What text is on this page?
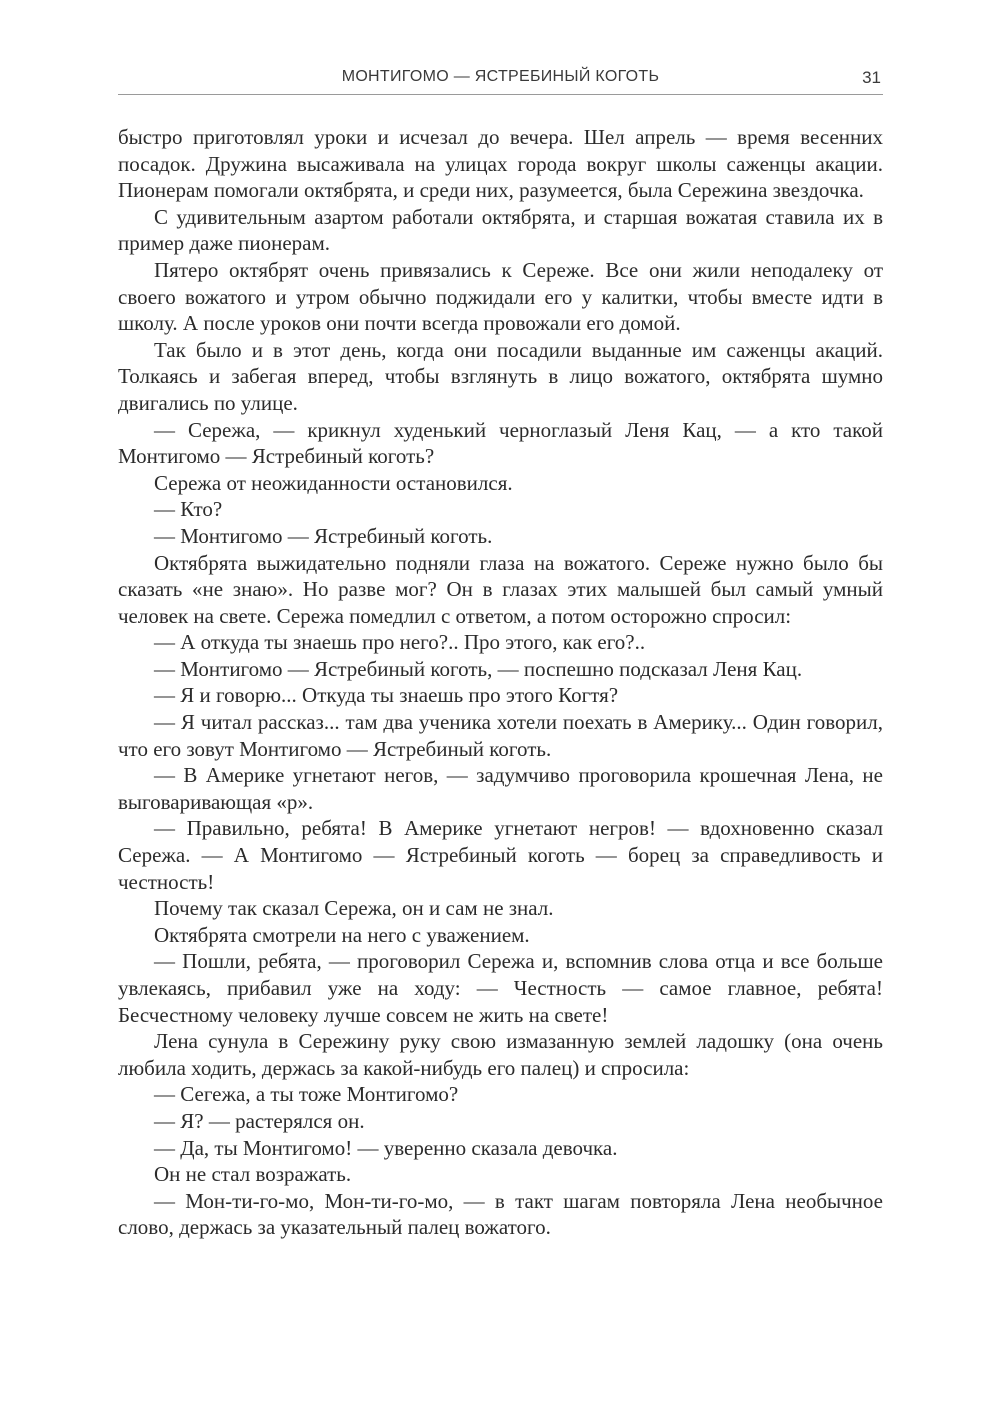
МОНТИГОМО — ЯСТРЕБИНЫЙ КОГОТЬ	31

быстро приготовлял уроки и исчезал до вечера. Шел апрель — время весенних посадок. Дружина высаживала на улицах города вокруг школы саженцы акации. Пионерам помогали октябрята, и среди них, разумеется, была Сережина звездочка.

С удивительным азартом работали октябрята, и старшая вожатая ставила их в пример даже пионерам.

Пятеро октябрят очень привязались к Сереже. Все они жили неподалеку от своего вожатого и утром обычно поджидали его у калитки, чтобы вместе идти в школу. А после уроков они почти всегда провожали его домой.

Так было и в этот день, когда они посадили выданные им саженцы акаций. Толкаясь и забегая вперед, чтобы взглянуть в лицо вожатого, октябрята шумно двигались по улице.

— Сережа, — крикнул худенький черноглазый Леня Кац, — а кто такой Монтигомо — Ястребиный коготь?

Сережа от неожиданности остановился.

— Кто?

— Монтигомо — Ястребиный коготь.

Октябрята выжидательно подняли глаза на вожатого. Сереже нужно было бы сказать «не знаю». Но разве мог? Он в глазах этих малышей был самый умный человек на свете. Сережа помедлил с ответом, а потом осторожно спросил:

— А откуда ты знаешь про него?.. Про этого, как его?..

— Монтигомо — Ястребиный коготь, — поспешно подсказал Леня Кац.

— Я и говорю... Откуда ты знаешь про этого Когтя?

— Я читал рассказ... там два ученика хотели поехать в Америку... Один говорил, что его зовут Монтигомо — Ястребиный коготь.

— В Америке угнетают негов, — задумчиво проговорила крошечная Лена, не выговаривающая «р».

— Правильно, ребята! В Америке угнетают негров! — вдохновенно сказал Сережа. — А Монтигомо — Ястребиный коготь — борец за справедливость и честность!

Почему так сказал Сережа, он и сам не знал.

Октябрята смотрели на него с уважением.

— Пошли, ребята, — проговорил Сережа и, вспомнив слова отца и все больше увлекаясь, прибавил уже на ходу: — Честность — самое главное, ребята! Бесчестному человеку лучше совсем не жить на свете!

Лена сунула в Сережину руку свою измазанную землей ладошку (она очень любила ходить, держась за какой-нибудь его палец) и спросила:

— Сегежа, а ты тоже Монтигомо?

— Я? — растерялся он.

— Да, ты Монтигомо! — уверенно сказала девочка.

Он не стал возражать.

— Мон-ти-го-мо, Мон-ти-го-мо, — в такт шагам повторяла Лена необычное слово, держась за указательный палец вожатого.
